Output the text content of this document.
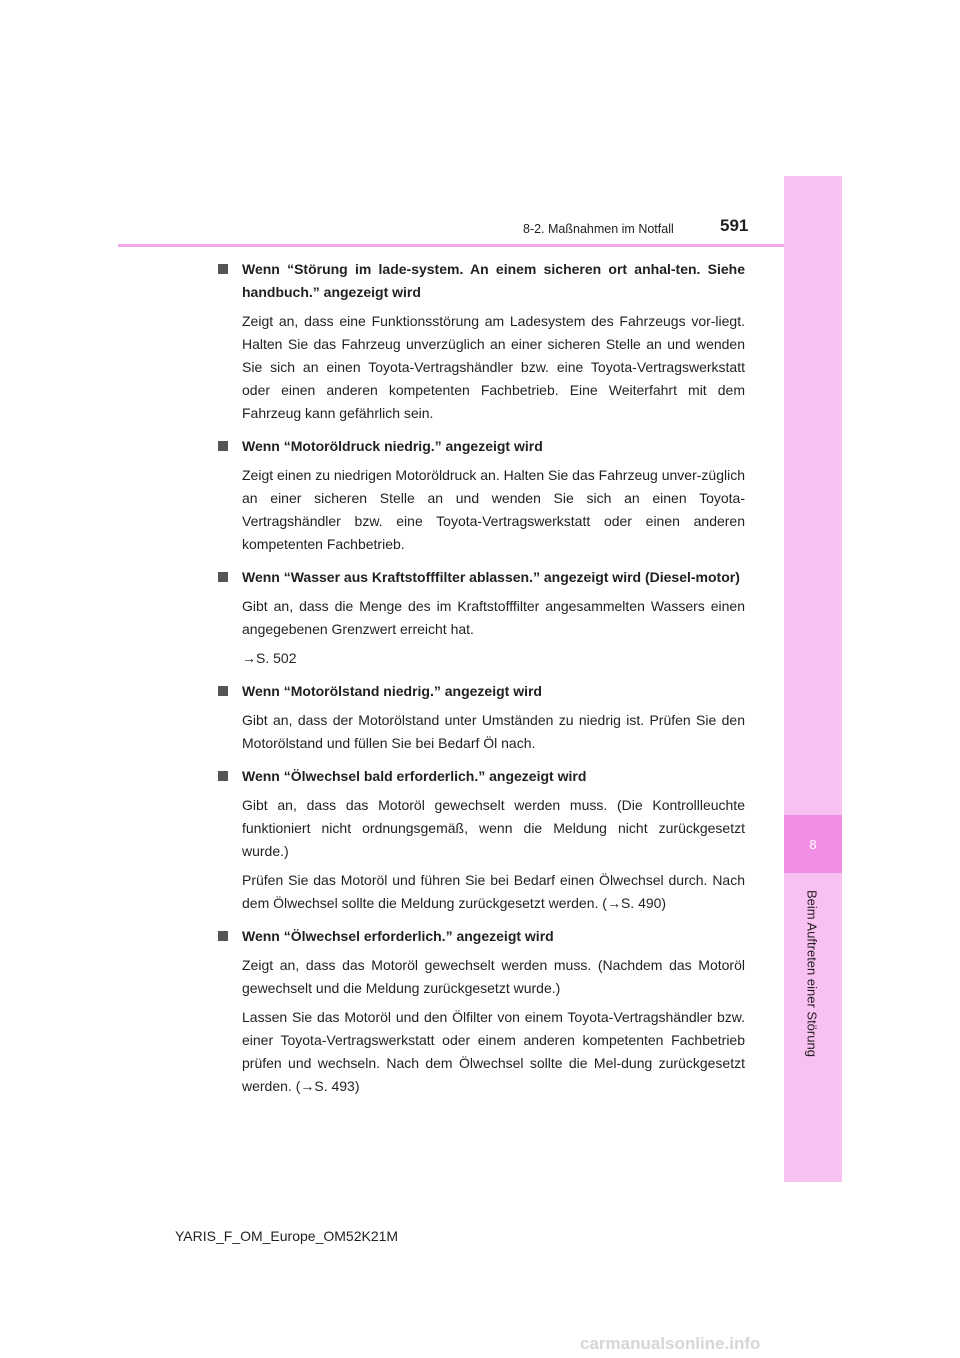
8
Beim Auftreten einer Störung
8-2. Maßnahmen im Notfall	591
Wenn “Störung im lade-system. An einem sicheren ort anhal-ten. Siehe handbuch.” angezeigt wird

Zeigt an, dass eine Funktionsstörung am Ladesystem des Fahrzeugs vor-liegt. Halten Sie das Fahrzeug unverzüglich an einer sicheren Stelle an und wenden Sie sich an einen Toyota-Vertragshändler bzw. eine Toyota-Vertragswerkstatt oder einen anderen kompetenten Fachbetrieb. Eine Weiterfahrt mit dem Fahrzeug kann gefährlich sein.

Wenn “Motoröldruck niedrig.” angezeigt wird

Zeigt einen zu niedrigen Motoröldruck an. Halten Sie das Fahrzeug unver-züglich an einer sicheren Stelle an und wenden Sie sich an einen Toyota-Vertragshändler bzw. eine Toyota-Vertragswerkstatt oder einen anderen kompetenten Fachbetrieb.

Wenn “Wasser aus Kraftstofffilter ablassen.” angezeigt wird (Diesel-motor)

Gibt an, dass die Menge des im Kraftstofffilter angesammelten Wassers einen angegebenen Grenzwert erreicht hat.

→S. 502

Wenn “Motorölstand niedrig.” angezeigt wird

Gibt an, dass der Motorölstand unter Umständen zu niedrig ist. Prüfen Sie den Motorölstand und füllen Sie bei Bedarf Öl nach.

Wenn “Ölwechsel bald erforderlich.” angezeigt wird

Gibt an, dass das Motoröl gewechselt werden muss. (Die Kontrollleuchte funktioniert nicht ordnungsgemäß, wenn die Meldung nicht zurückgesetzt wurde.)

Prüfen Sie das Motoröl und führen Sie bei Bedarf einen Ölwechsel durch. Nach dem Ölwechsel sollte die Meldung zurückgesetzt werden. (→S. 490)

Wenn “Ölwechsel erforderlich.” angezeigt wird

Zeigt an, dass das Motoröl gewechselt werden muss. (Nachdem das Motoröl gewechselt und die Meldung zurückgesetzt wurde.)

Lassen Sie das Motoröl und den Ölfilter von einem Toyota-Vertragshändler bzw. einer Toyota-Vertragswerkstatt oder einem anderen kompetenten Fachbetrieb prüfen und wechseln. Nach dem Ölwechsel sollte die Mel-dung zurückgesetzt werden. (→S. 493)

YARIS_F_OM_Europe_OM52K21M
carmanualsonline.info
